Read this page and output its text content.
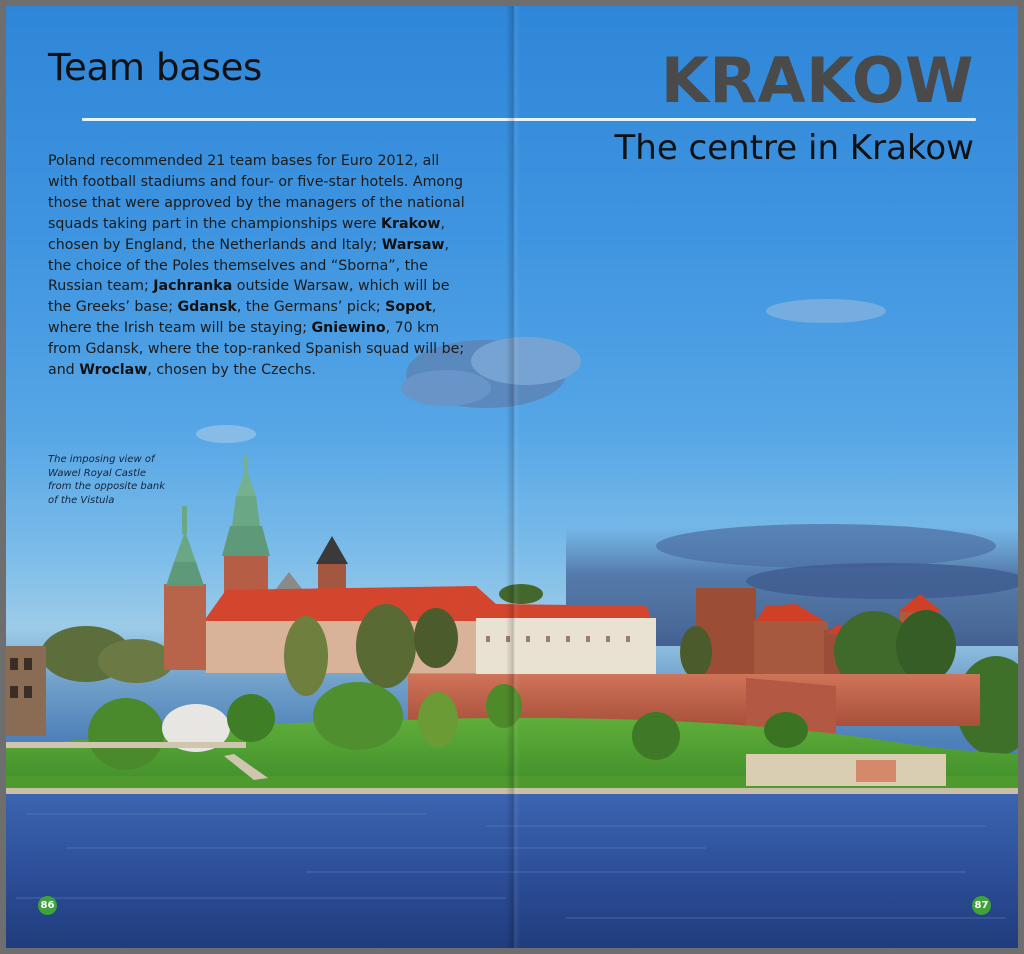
Team bases
Poland recommended 21 team bases for Euro 2012, all with football stadiums and four- or five-star hotels. Among those that were approved by the managers of the national squads taking part in the championships were Krakow, chosen by England, the Netherlands and Italy; Warsaw, the choice of the Poles themselves and “Sborna”, the Russian team; Jachranka outside Warsaw, which will be the Greeks’ base; Gdansk, the Germans’ pick; Sopot, where the Irish team will be staying; Gniewino, 70 km from Gdansk, where the top-ranked Spanish squad will be; and Wroclaw, chosen by the Czechs.
The imposing view of Wawel Royal Castle from the opposite bank of the Vistula
86
KRAKOW
The centre in Krakow
87
